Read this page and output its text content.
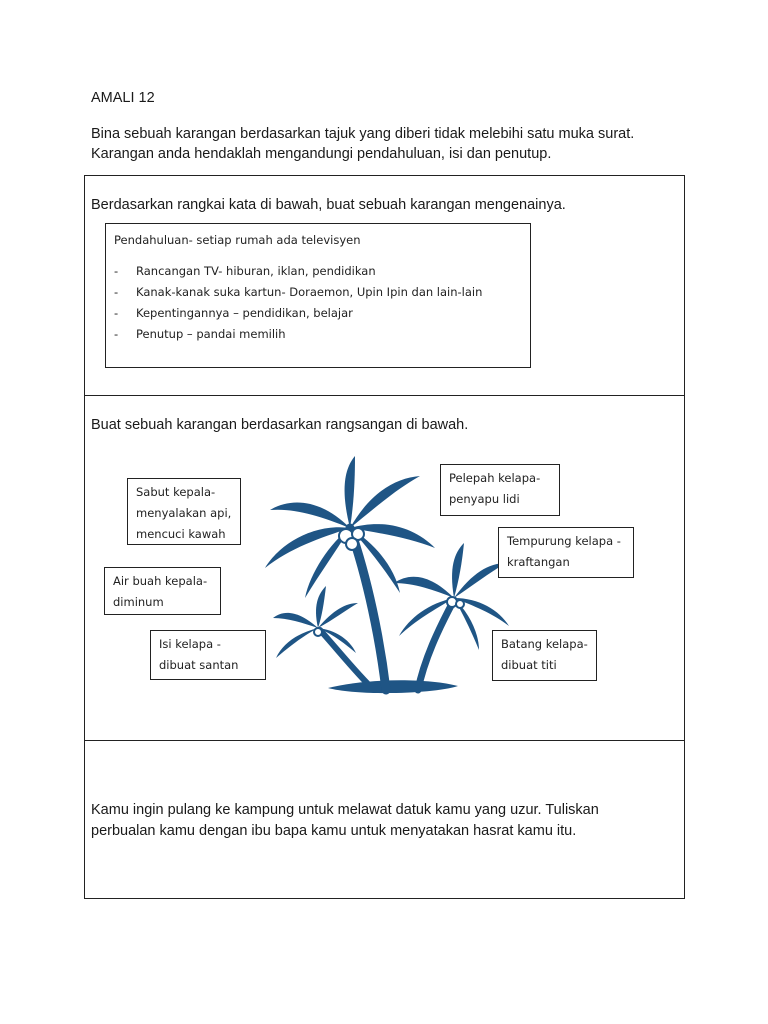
AMALI 12
Bina sebuah karangan berdasarkan tajuk yang diberi tidak melebihi satu muka surat.
Karangan anda hendaklah mengandungi pendahuluan, isi dan penutup.
Berdasarkan rangkai kata di bawah, buat sebuah karangan mengenainya.
Pendahuluan- setiap rumah ada televisyen
-	Rancangan TV- hiburan, iklan, pendidikan
-	Kanak-kanak suka kartun- Doraemon, Upin Ipin dan lain-lain
-	Kepentingannya – pendidikan, belajar
-	Penutup – pandai memilih
Buat sebuah karangan berdasarkan rangsangan di bawah.
Sabut kepala-
menyalakan api,
mencuci kawah
Air buah kepala-
diminum
Isi kelapa -
dibuat santan
Pelepah kelapa-
penyapu lidi
Tempurung kelapa -
kraftangan
Batang kelapa-
dibuat titi
Kamu ingin pulang ke kampung untuk melawat datuk kamu yang uzur. Tuliskan
perbualan kamu dengan ibu bapa kamu untuk menyatakan hasrat kamu itu.
